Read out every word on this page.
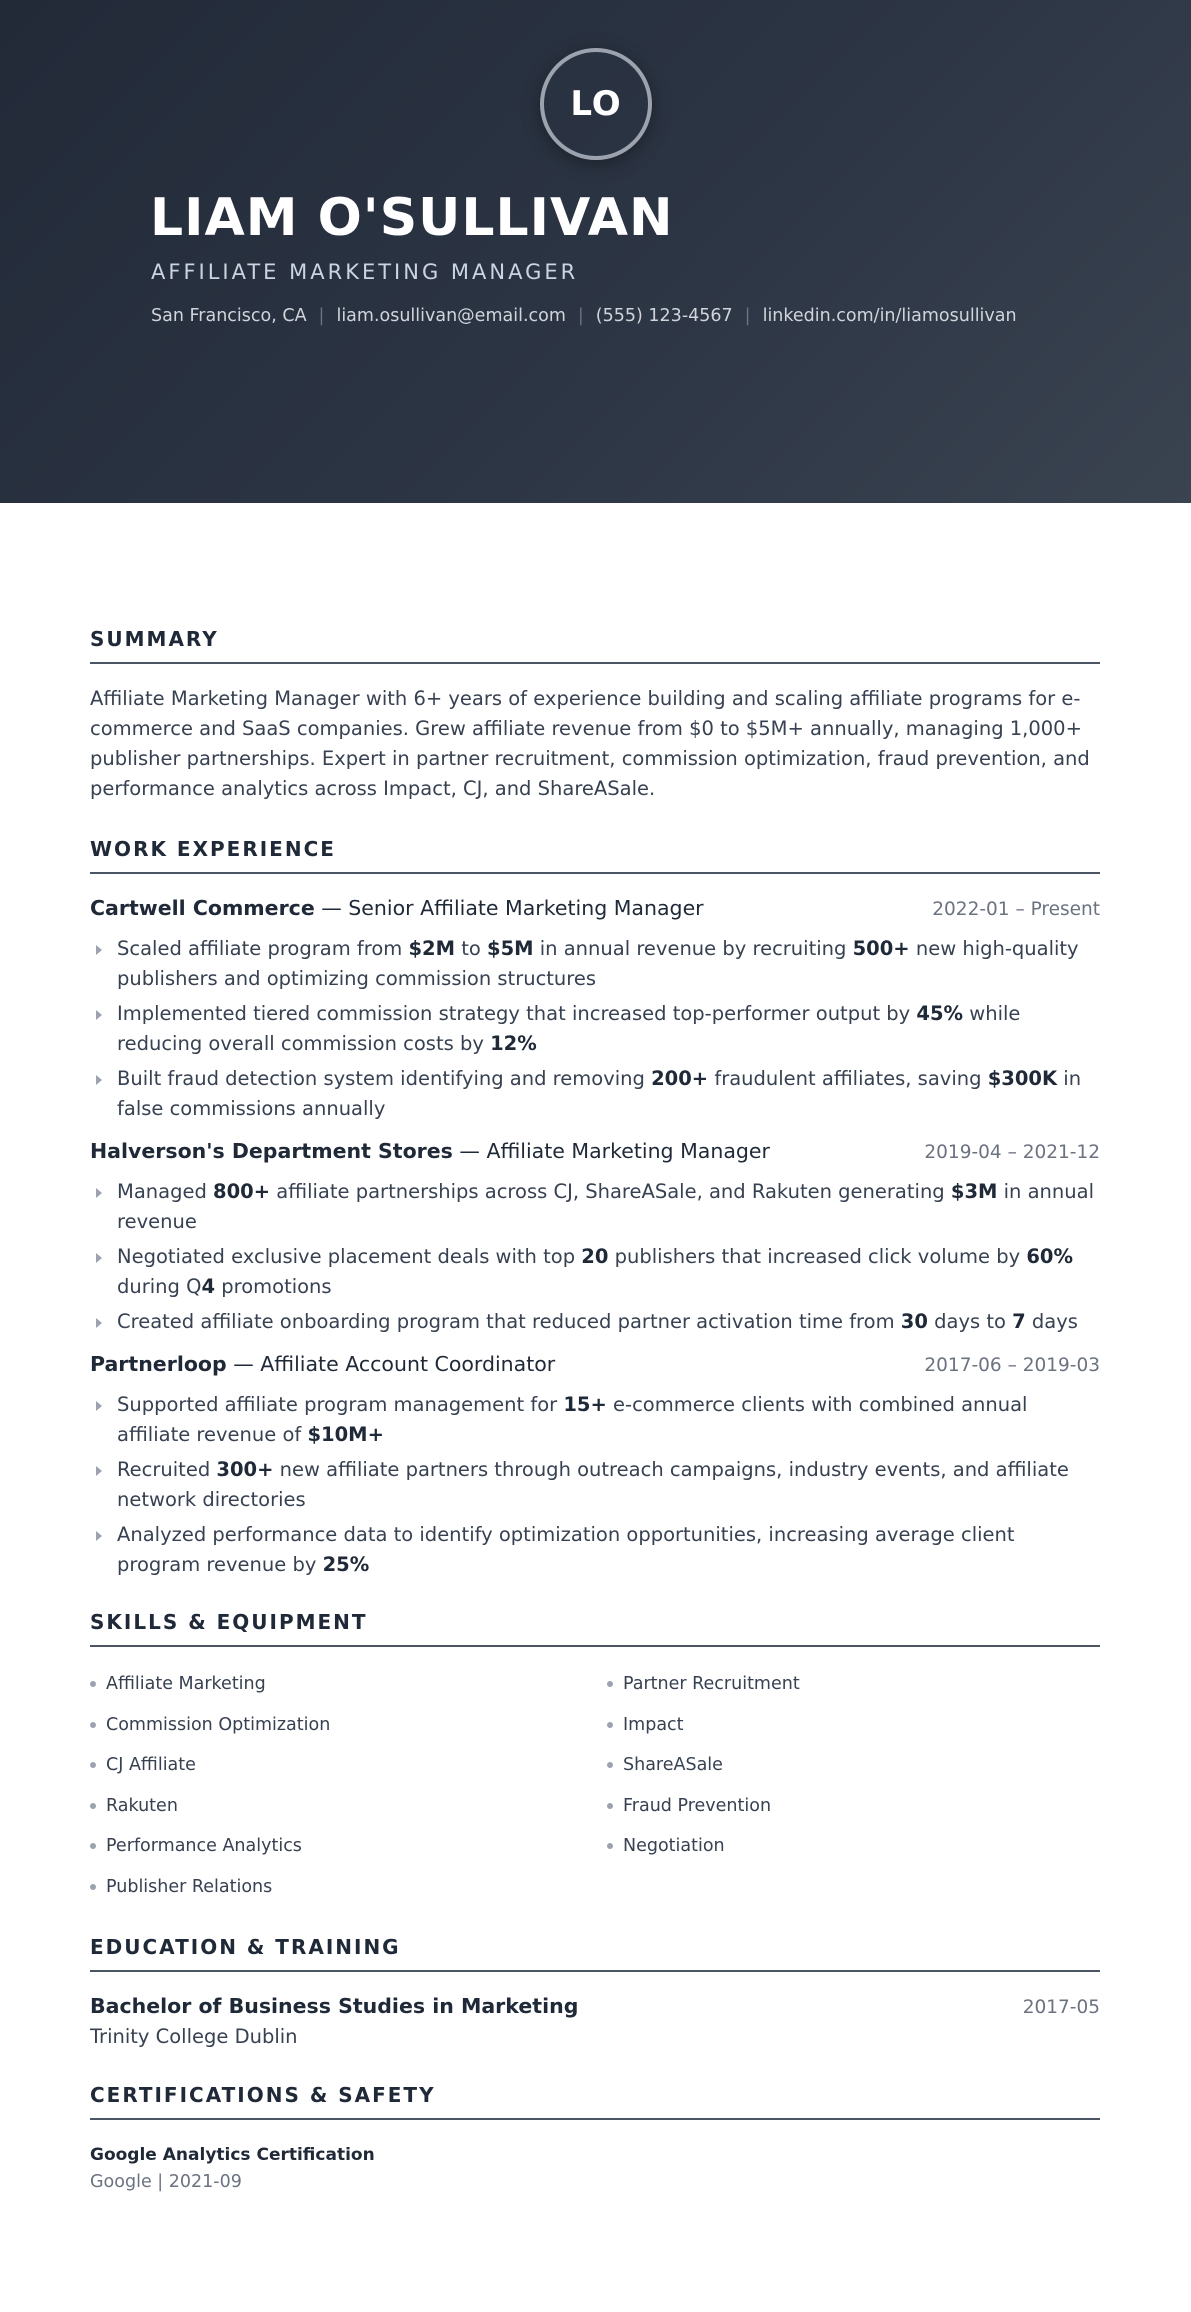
LO
LIAM O'SULLIVAN
AFFILIATE MARKETING MANAGER
San Francisco, CA | liam.osullivan@email.com | (555) 123-4567 | linkedin.com/in/liamosullivan
SUMMARY
Affiliate Marketing Manager with 6+ years of experience building and scaling affiliate programs for e-commerce and SaaS companies. Grew affiliate revenue from $0 to $5M+ annually, managing 1,000+ publisher partnerships. Expert in partner recruitment, commission optimization, fraud prevention, and performance analytics across Impact, CJ, and ShareASale.
WORK EXPERIENCE
Cartwell Commerce — Senior Affiliate Marketing Manager	2022-01 – Present
Scaled affiliate program from $2M to $5M in annual revenue by recruiting 500+ new high-quality publishers and optimizing commission structures
Implemented tiered commission strategy that increased top-performer output by 45% while reducing overall commission costs by 12%
Built fraud detection system identifying and removing 200+ fraudulent affiliates, saving $300K in false commissions annually
Halverson's Department Stores — Affiliate Marketing Manager	2019-04 – 2021-12
Managed 800+ affiliate partnerships across CJ, ShareASale, and Rakuten generating $3M in annual revenue
Negotiated exclusive placement deals with top 20 publishers that increased click volume by 60% during Q4 promotions
Created affiliate onboarding program that reduced partner activation time from 30 days to 7 days
Partnerloop — Affiliate Account Coordinator	2017-06 – 2019-03
Supported affiliate program management for 15+ e-commerce clients with combined annual affiliate revenue of $10M+
Recruited 300+ new affiliate partners through outreach campaigns, industry events, and affiliate network directories
Analyzed performance data to identify optimization opportunities, increasing average client program revenue by 25%
SKILLS & EQUIPMENT
EDUCATION & TRAINING
Bachelor of Business Studies in Marketing	2017-05
Trinity College Dublin
CERTIFICATIONS & SAFETY
Google Analytics Certification
Google | 2021-09
Affiliate Marketing
Commission Optimization
CJ Affiliate
Rakuten
Performance Analytics
Publisher Relations
Partner Recruitment
Impact
ShareASale
Fraud Prevention
Negotiation
